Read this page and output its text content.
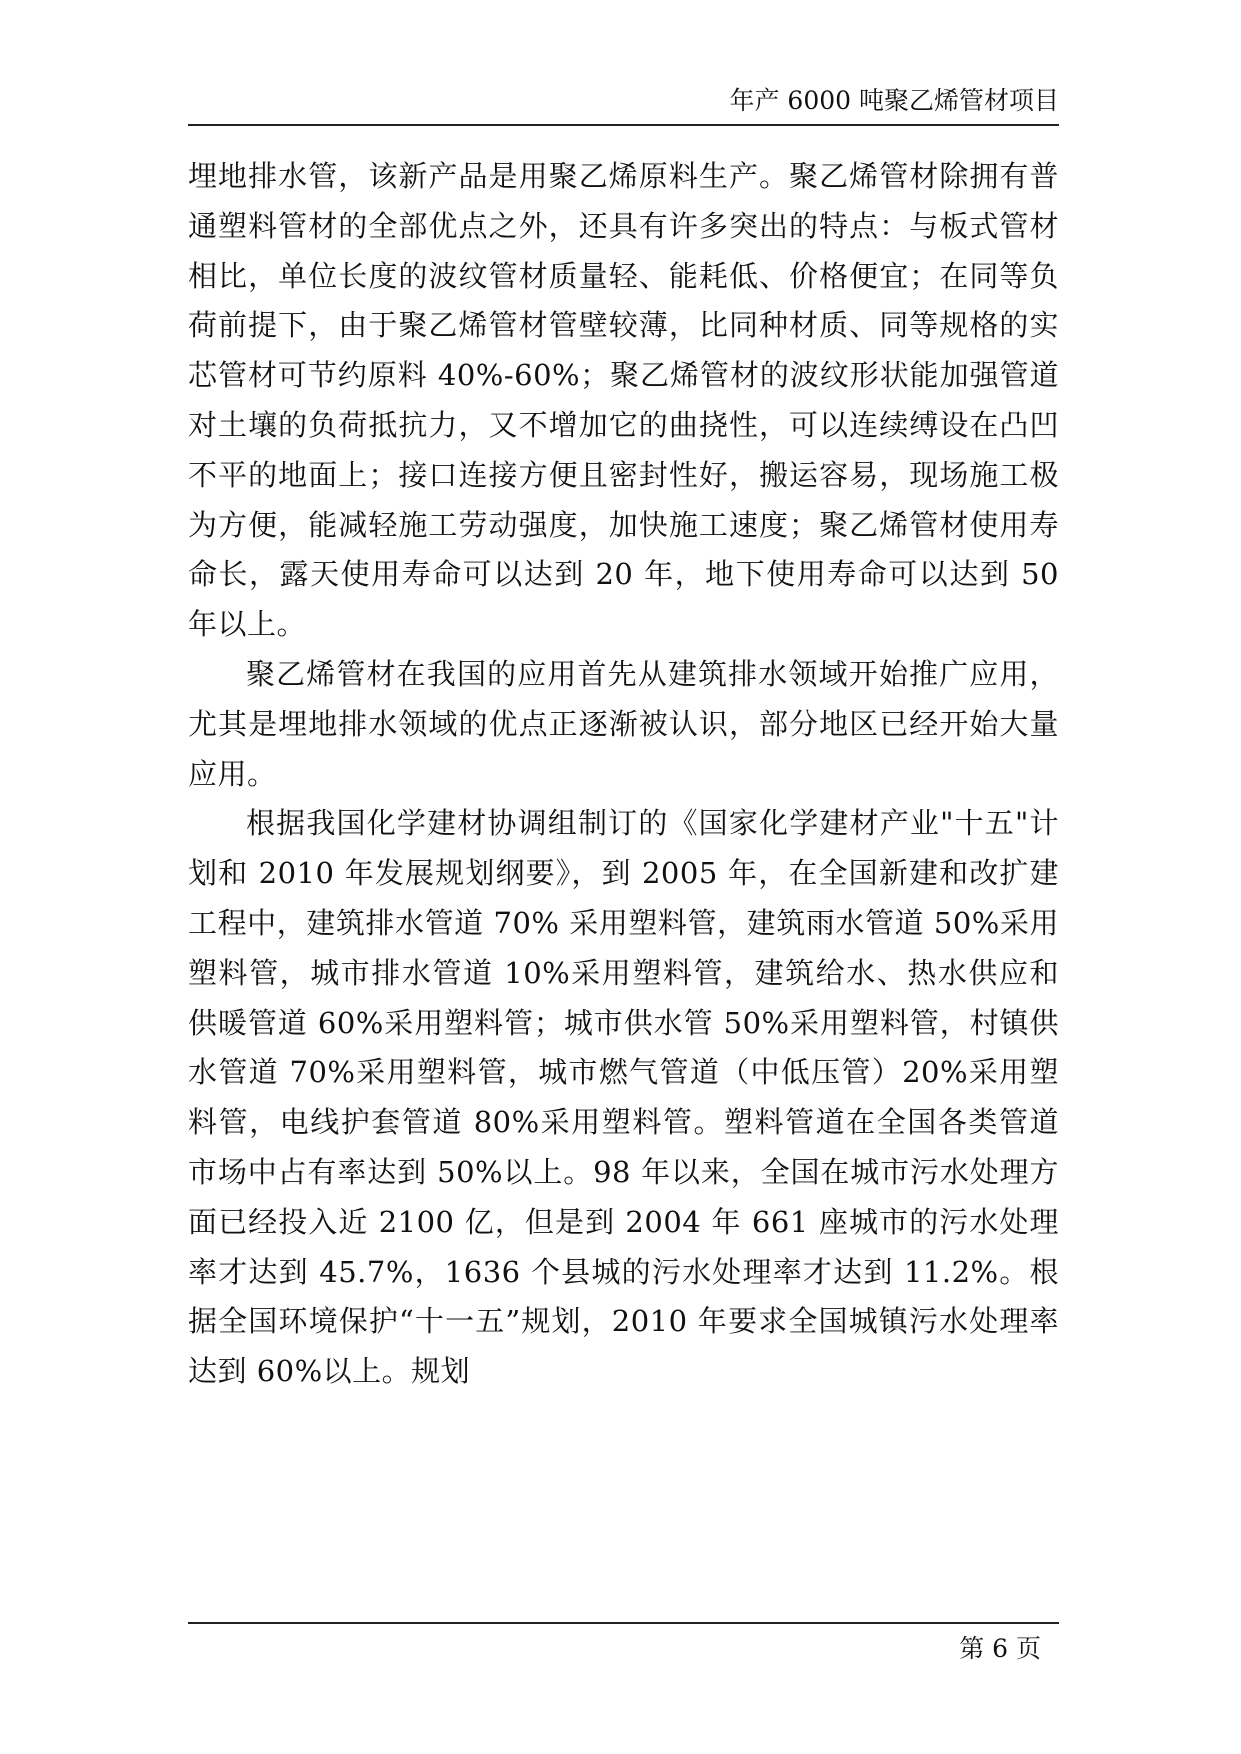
年产 6000 吨聚乙烯管材项目

埋地排水管，该新产品是用聚乙烯原料生产。聚乙烯管材除拥有普通塑料管材的全部优点之外，还具有许多突出的特点：与板式管材相比，单位长度的波纹管材质量轻、能耗低、价格便宜；在同等负荷前提下，由于聚乙烯管材管壁较薄，比同种材质、同等规格的实芯管材可节约原料 40%-60%；聚乙烯管材的波纹形状能加强管道对土壤的负荷抵抗力，又不增加它的曲挠性，可以连续缚设在凸凹不平的地面上；接口连接方便且密封性好，搬运容易，现场施工极为方便，能减轻施工劳动强度，加快施工速度；聚乙烯管材使用寿命长，露天使用寿命可以达到 20 年，地下使用寿命可以达到 50 年以上。

聚乙烯管材在我国的应用首先从建筑排水领域开始推广应用，尤其是埋地排水领域的优点正逐渐被认识，部分地区已经开始大量应用。

根据我国化学建材协调组制订的《国家化学建材产业"十五"计划和 2010 年发展规划纲要》，到 2005 年，在全国新建和改扩建工程中，建筑排水管道 70% 采用塑料管，建筑雨水管道 50%采用塑料管，城市排水管道 10%采用塑料管，建筑给水、热水供应和供暖管道 60%采用塑料管；城市供水管 50%采用塑料管，村镇供水管道 70%采用塑料管，城市燃气管道（中低压管）20%采用塑料管，电线护套管道 80%采用塑料管。塑料管道在全国各类管道市场中占有率达到 50%以上。98 年以来，全国在城市污水处理方面已经投入近 2100 亿，但是到 2004 年 661 座城市的污水处理率才达到 45.7%，1636 个县城的污水处理率才达到 11.2%。根据全国环境保护“十一五”规划，2010 年要求全国城镇污水处理率达到 60%以上。规划

第 6 页
